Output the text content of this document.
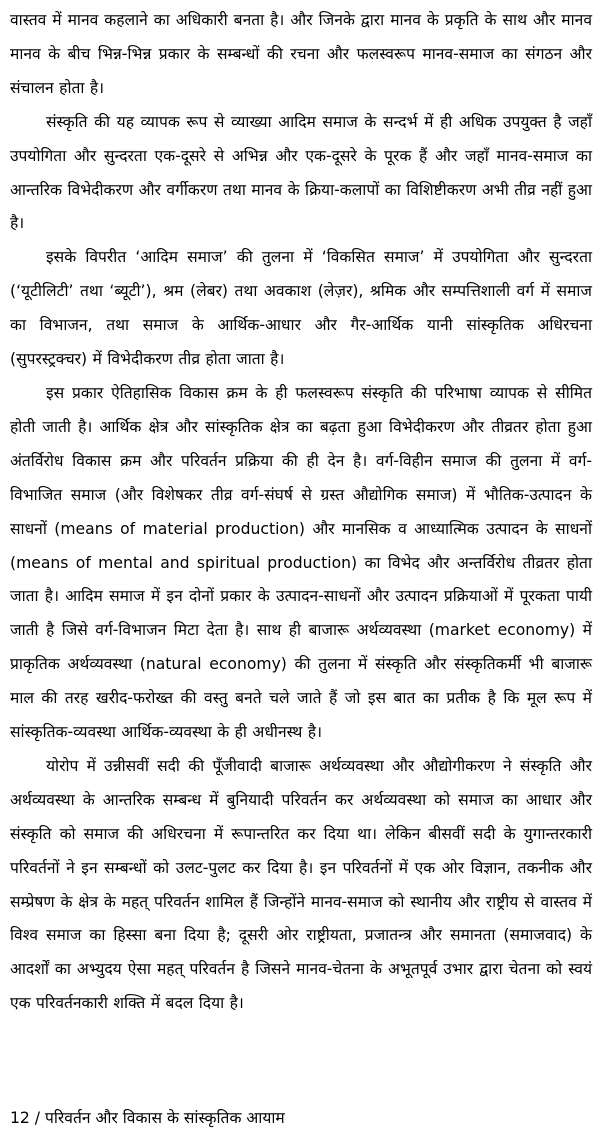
वास्तव में मानव कहलाने का अधिकारी बनता है। और जिनके द्वारा मानव के प्रकृति के साथ और मानव मानव के बीच भिन्न-भिन्न प्रकार के सम्बन्धों की रचना और फलस्वरूप मानव-समाज का संगठन और संचालन होता है।

संस्कृति की यह व्यापक रूप से व्याख्या आदिम समाज के सन्दर्भ में ही अधिक उपयुक्त है जहाँ उपयोगिता और सुन्दरता एक-दूसरे से अभिन्न और एक-दूसरे के पूरक हैं और जहाँ मानव-समाज का आन्तरिक विभेदीकरण और वर्गीकरण तथा मानव के क्रिया-कलापों का विशिष्टीकरण अभी तीव्र नहीं हुआ है।

इसके विपरीत ‘आदिम समाज’ की तुलना में ‘विकसित समाज’ में उपयोगिता और सुन्दरता (‘यूटीलिटी’ तथा ‘ब्यूटी’), श्रम (लेबर) तथा अवकाश (लेज़र), श्रमिक और सम्पत्तिशाली वर्ग में समाज का विभाजन, तथा समाज के आर्थिक-आधार और गैर-आर्थिक यानी सांस्कृतिक अधिरचना (सुपरस्ट्रक्चर) में विभेदीकरण तीव्र होता जाता है।

इस प्रकार ऐतिहासिक विकास क्रम के ही फलस्वरूप संस्कृति की परिभाषा व्यापक से सीमित होती जाती है। आर्थिक क्षेत्र और सांस्कृतिक क्षेत्र का बढ़ता हुआ विभेदीकरण और तीव्रतर होता हुआ अंतर्विरोध विकास क्रम और परिवर्तन प्रक्रिया की ही देन है। वर्ग-विहीन समाज की तुलना में वर्ग-विभाजित समाज (और विशेषकर तीव्र वर्ग-संघर्ष से ग्रस्त औद्योगिक समाज) में भौतिक-उत्पादन के साधनों (means of material production) और मानसिक व आध्यात्मिक उत्पादन के साधनों (means of mental and spiritual production) का विभेद और अन्तर्विरोध तीव्रतर होता जाता है। आदिम समाज में इन दोनों प्रकार के उत्पादन-साधनों और उत्पादन प्रक्रियाओं में पूरकता पायी जाती है जिसे वर्ग-विभाजन मिटा देता है। साथ ही बाजारू अर्थव्यवस्था (market economy) में प्राकृतिक अर्थव्यवस्था (natural economy) की तुलना में संस्कृति और संस्कृतिकर्मी भी बाजारू माल की तरह खरीद-फरोख्त की वस्तु बनते चले जाते हैं जो इस बात का प्रतीक है कि मूल रूप में सांस्कृतिक-व्यवस्था आर्थिक-व्यवस्था के ही अधीनस्थ है।

योरोप में उन्नीसवीं सदी की पूँजीवादी बाजारू अर्थव्यवस्था और औद्योगीकरण ने संस्कृति और अर्थव्यवस्था के आन्तरिक सम्बन्ध में बुनियादी परिवर्तन कर अर्थव्यवस्था को समाज का आधार और संस्कृति को समाज की अधिरचना में रूपान्तरित कर दिया था। लेकिन बीसवीं सदी के युगान्तरकारी परिवर्तनों ने इन सम्बन्धों को उलट-पुलट कर दिया है। इन परिवर्तनों में एक ओर विज्ञान, तकनीक और सम्प्रेषण के क्षेत्र के महत् परिवर्तन शामिल हैं जिन्होंने मानव-समाज को स्थानीय और राष्ट्रीय से वास्तव में विश्व समाज का हिस्सा बना दिया है; दूसरी ओर राष्ट्रीयता, प्रजातन्त्र और समानता (समाजवाद) के आदर्शों का अभ्युदय ऐसा महत् परिवर्तन है जिसने मानव-चेतना के अभूतपूर्व उभार द्वारा चेतना को स्वयं एक परिवर्तनकारी शक्ति में बदल दिया है।

12 / परिवर्तन और विकास के सांस्कृतिक आयाम
